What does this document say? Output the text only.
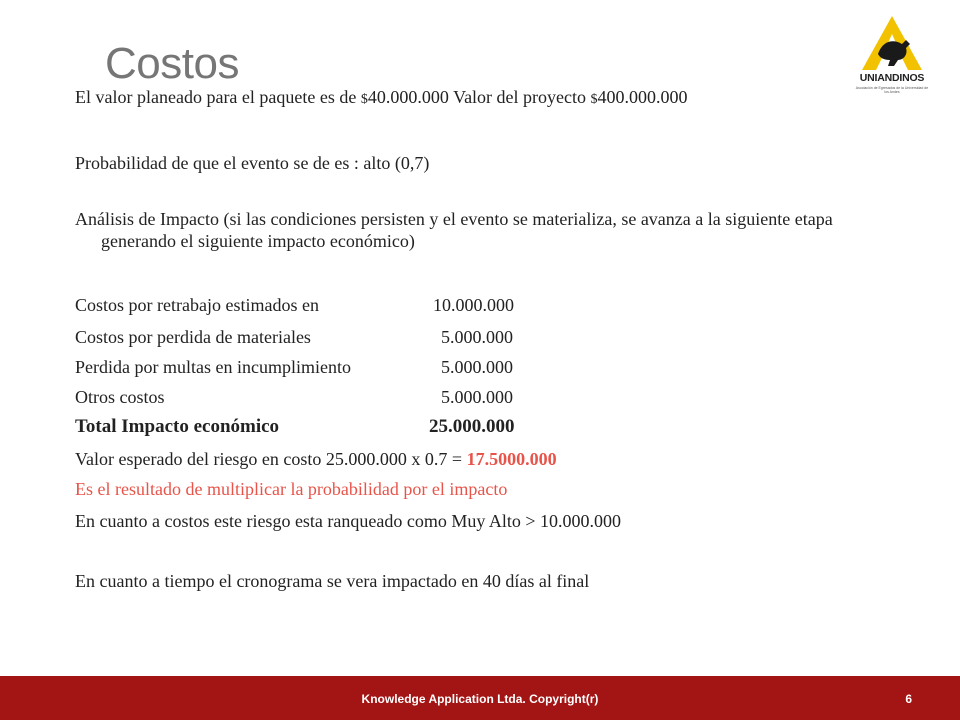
Costos	UNIANDINOS
Asociación de Egresados de la Universidad de los Andes
El valor planeado para el paquete es de $40.000.000 Valor del proyecto $400.000.000
Probabilidad de que el evento se de es : alto (0,7)
Análisis de Impacto (si las condiciones persisten y el evento se materializa, se avanza a la siguiente etapa generando el siguiente impacto económico)
Costos por retrabajo estimados en	10.000.000
Costos por perdida de materiales	5.000.000
Perdida por multas en incumplimiento	5.000.000
Otros costos	5.000.000
Total Impacto económico	25.000.000
Valor esperado del riesgo en costo 25.000.000 x 0.7 = 17.5000.000
Es el resultado de multiplicar la probabilidad por el impacto
En cuanto a costos este riesgo esta ranqueado como Muy Alto > 10.000.000
En cuanto a tiempo el cronograma se vera impactado en 40 días al final
Knowledge Application Ltda. Copyright(r)	6
